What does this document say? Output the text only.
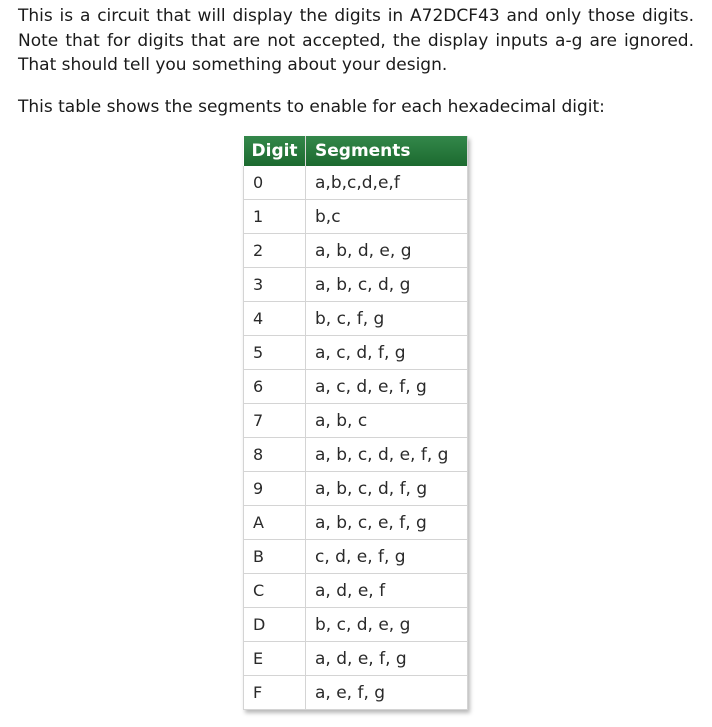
This is a circuit that will display the digits in A72DCF43 and only those digits. Note that for digits that are not accepted, the display inputs a-g are ignored. That should tell you something about your design.

This table shows the segments to enable for each hexadecimal digit:

Digit	Segments
0	a,b,c,d,e,f
1	b,c
2	a, b, d, e, g
3	a, b, c, d, g
4	b, c, f, g
5	a, c, d, f, g
6	a, c, d, e, f, g
7	a, b, c
8	a, b, c, d, e, f, g
9	a, b, c, d, f, g
A	a, b, c, e, f, g
B	c, d, e, f, g
C	a, d, e, f
D	b, c, d, e, g
E	a, d, e, f, g
F	a, e, f, g
